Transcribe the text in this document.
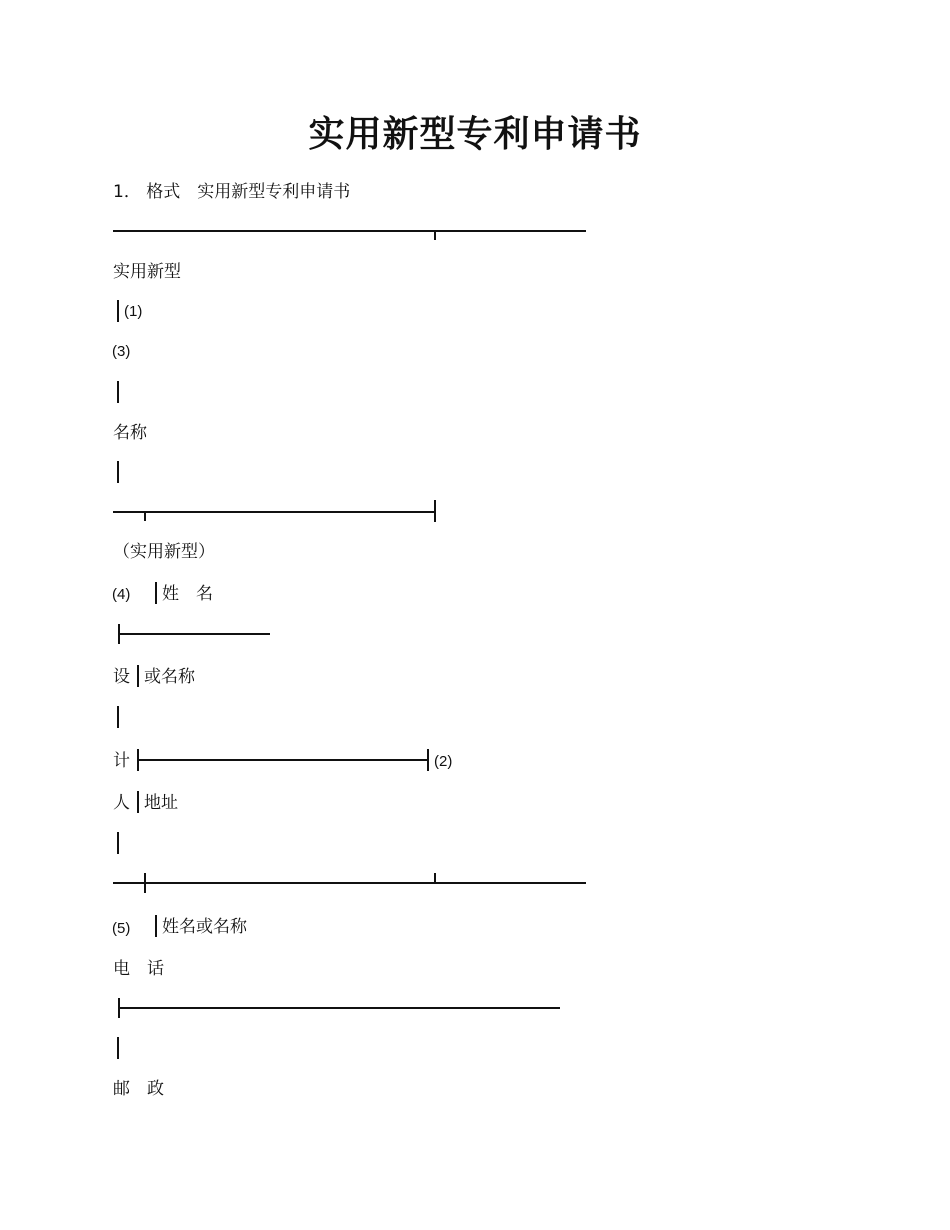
实用新型专利申请书
1． 格式　实用新型专利申请书
实用新型
(1)
(3)
名称
（实用新型）
(4) 姓　名
设 或名称
计	(2)
人 地址
(5) 姓名或名称
电　话
邮　政
